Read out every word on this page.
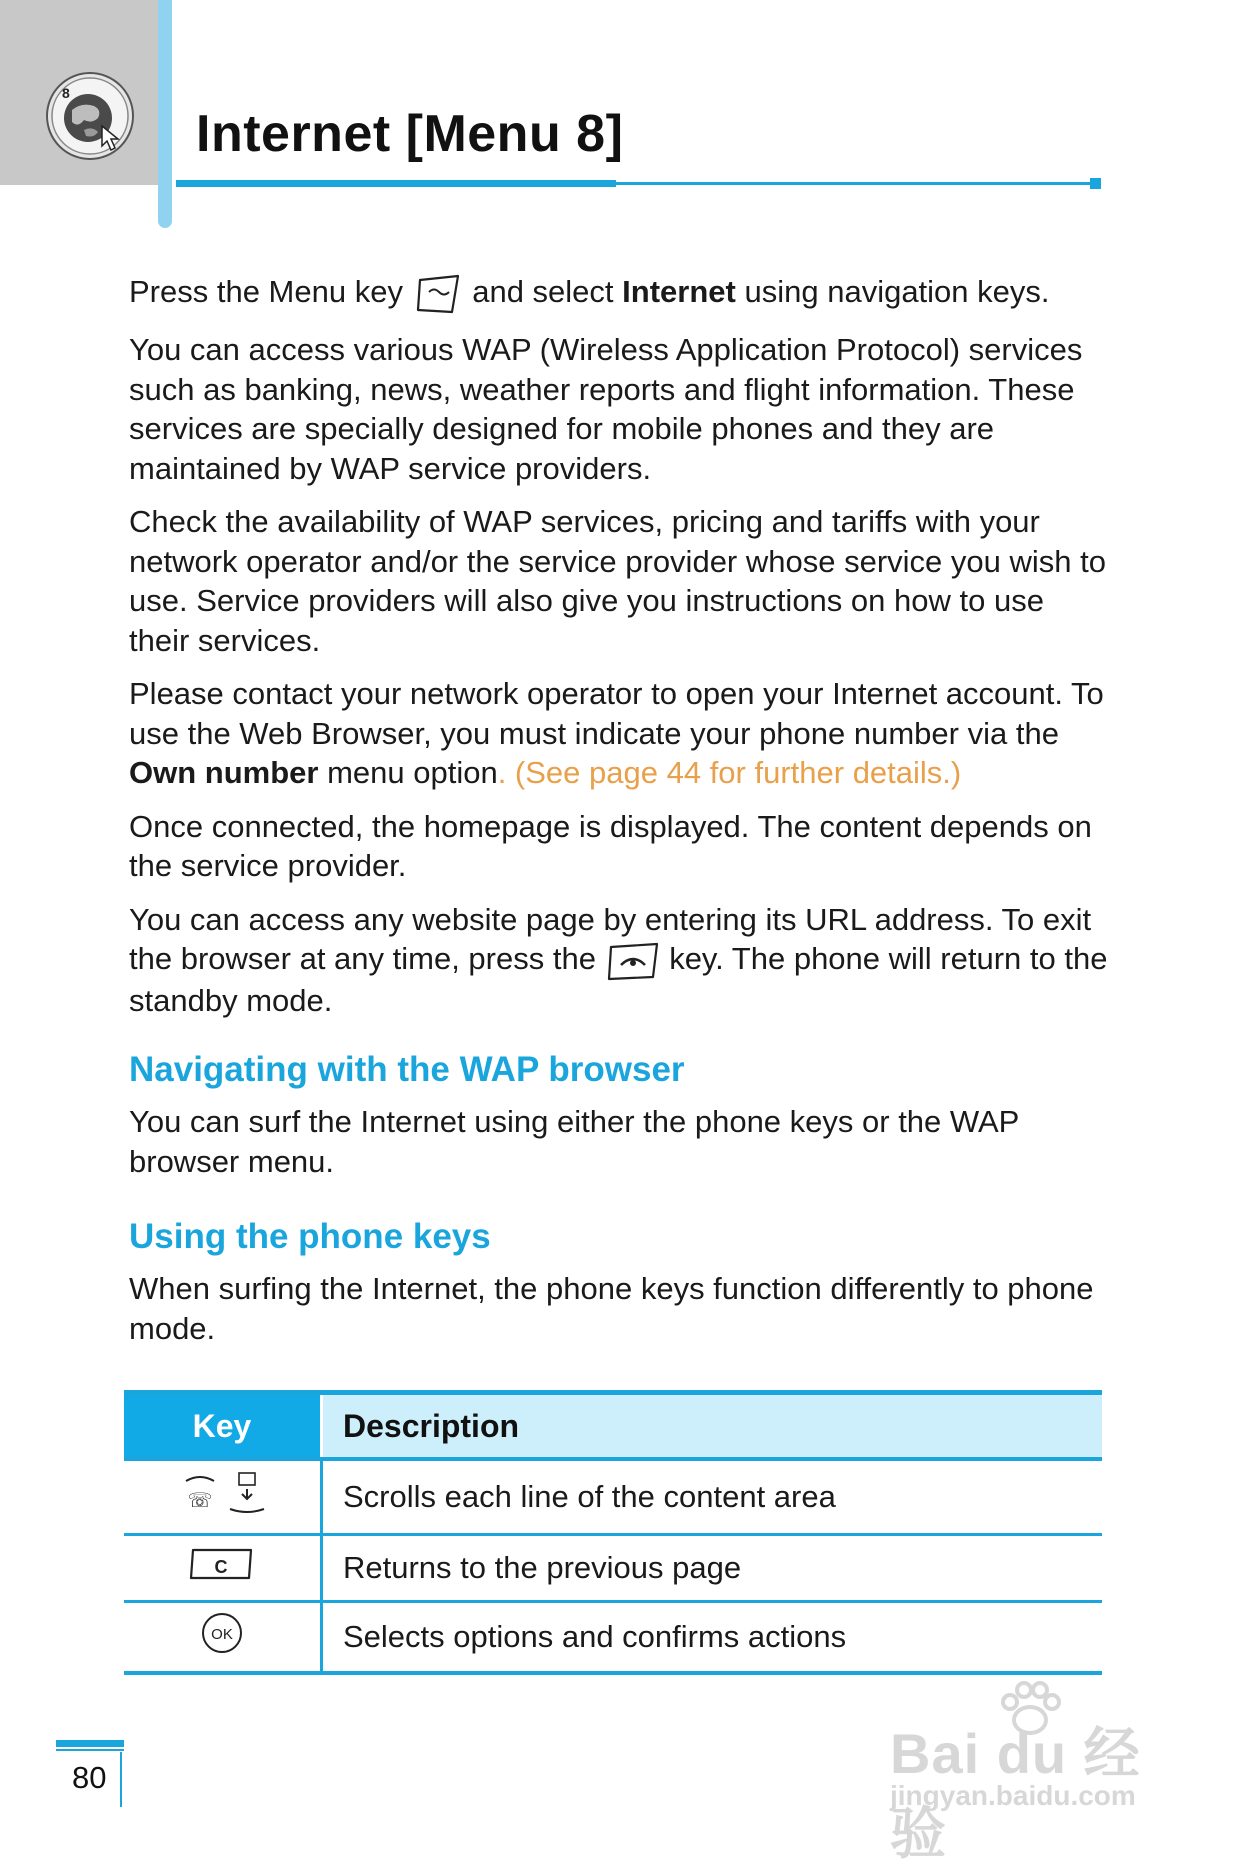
8
Internet [Menu 8]

Press the Menu key and select Internet using navigation keys.

You can access various WAP (Wireless Application Protocol) services such as banking, news, weather reports and flight information. These services are specially designed for mobile phones and they are maintained by WAP service providers.

Check the availability of WAP services, pricing and tariffs with your network operator and/or the service provider whose service you wish to use. Service providers will also give you instructions on how to use their services.

Please contact your network operator to open your Internet account. To use the Web Browser, you must indicate your phone number via the Own number menu option. (See page 44 for further details.)

Once connected, the homepage is displayed. The content depends on the service provider.

You can access any website page by entering its URL address. To exit the browser at any time, press the key. The phone will return to the standby mode.

Navigating with the WAP browser

You can surf the Internet using either the phone keys or the WAP browser menu.

Using the phone keys

When surfing the Internet, the phone keys function differently to phone mode.

Key	Description

☏	Scrolls each line of the content area

C	Returns to the previous page

OK	Selects options and confirms actions
80	Bai du 经验
jingyan.baidu.com
